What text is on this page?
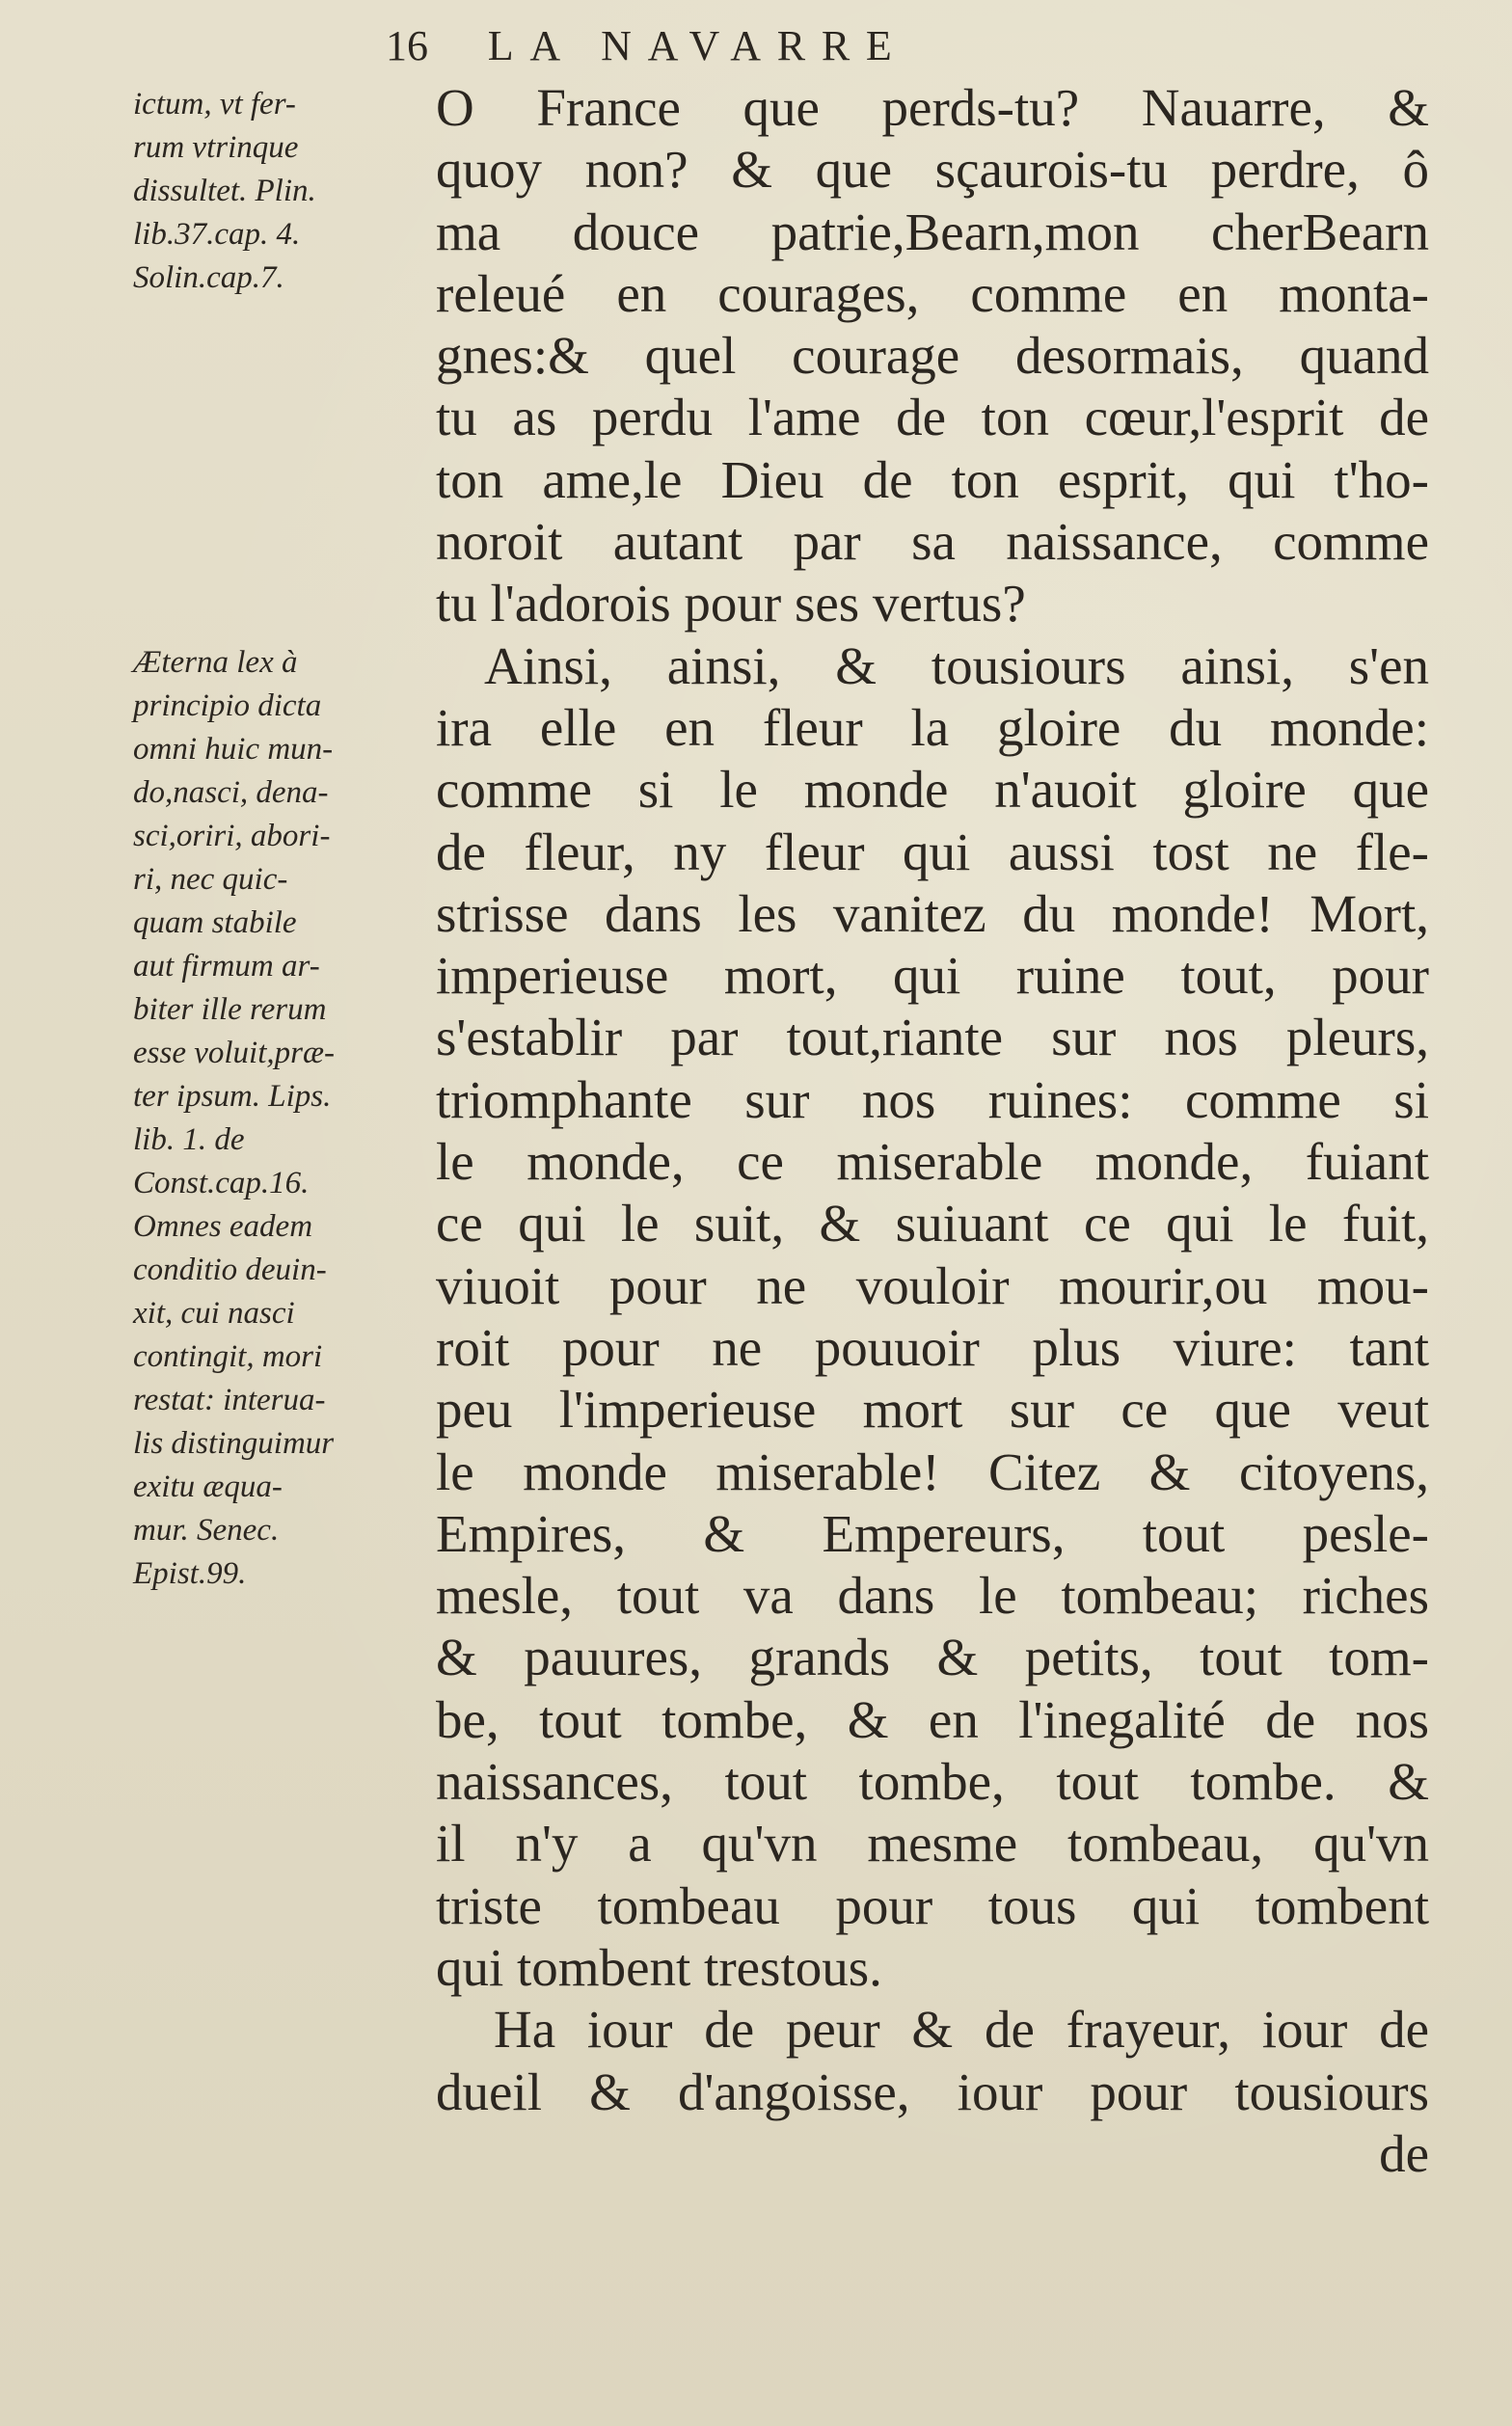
16 LA NAVARRE
ictum, vt fer-
rum vtrinque
dissultet. Plin.
lib.37.cap. 4.
Solin.cap.7.
Æterna lex à
principio dicta
omni huic mun-
do,nasci, dena-
sci,oriri, abori-
ri, nec quic-
quam stabile
aut firmum ar-
biter ille rerum
esse voluit,præ-
ter ipsum. Lips.
lib. 1. de
Const.cap.16.
Omnes eadem
conditio deuin-
xit, cui nasci
contingit, mori
restat: interua-
lis distinguimur
exitu æqua-
mur. Senec.
Epist.99.
O France que perds-tu? Nauarre, &
quoy non? & que sçaurois-tu perdre, ô
ma douce patrie,Bearn,mon cherBearn
releué en courages, comme en monta-
gnes:& quel courage desormais, quand
tu as perdu l'ame de ton cœur,l'esprit de
ton ame,le Dieu de ton esprit, qui t'ho-
noroit autant par sa naissance, comme
tu l'adorois pour ses vertus?
Ainsi, ainsi, & tousiours ainsi, s'en
ira elle en fleur la gloire du monde:
comme si le monde n'auoit gloire que
de fleur, ny fleur qui aussi tost ne fle-
strisse dans les vanitez du monde! Mort,
imperieuse mort, qui ruine tout, pour
s'establir par tout,riante sur nos pleurs,
triomphante sur nos ruines: comme si
le monde, ce miserable monde, fuiant
ce qui le suit, & suiuant ce qui le fuit,
viuoit pour ne vouloir mourir,ou mou-
roit pour ne pouuoir plus viure: tant
peu l'imperieuse mort sur ce que veut
le monde miserable! Citez & citoyens,
Empires, & Empereurs, tout pesle-
mesle, tout va dans le tombeau; riches
& pauures, grands & petits, tout tom-
be, tout tombe, & en l'inegalité de nos
naissances, tout tombe, tout tombe. &
il n'y a qu'vn mesme tombeau, qu'vn
triste tombeau pour tous qui tombent
qui tombent trestous.
Ha iour de peur & de frayeur, iour de
dueil & d'angoisse, iour pour tousiours
de
